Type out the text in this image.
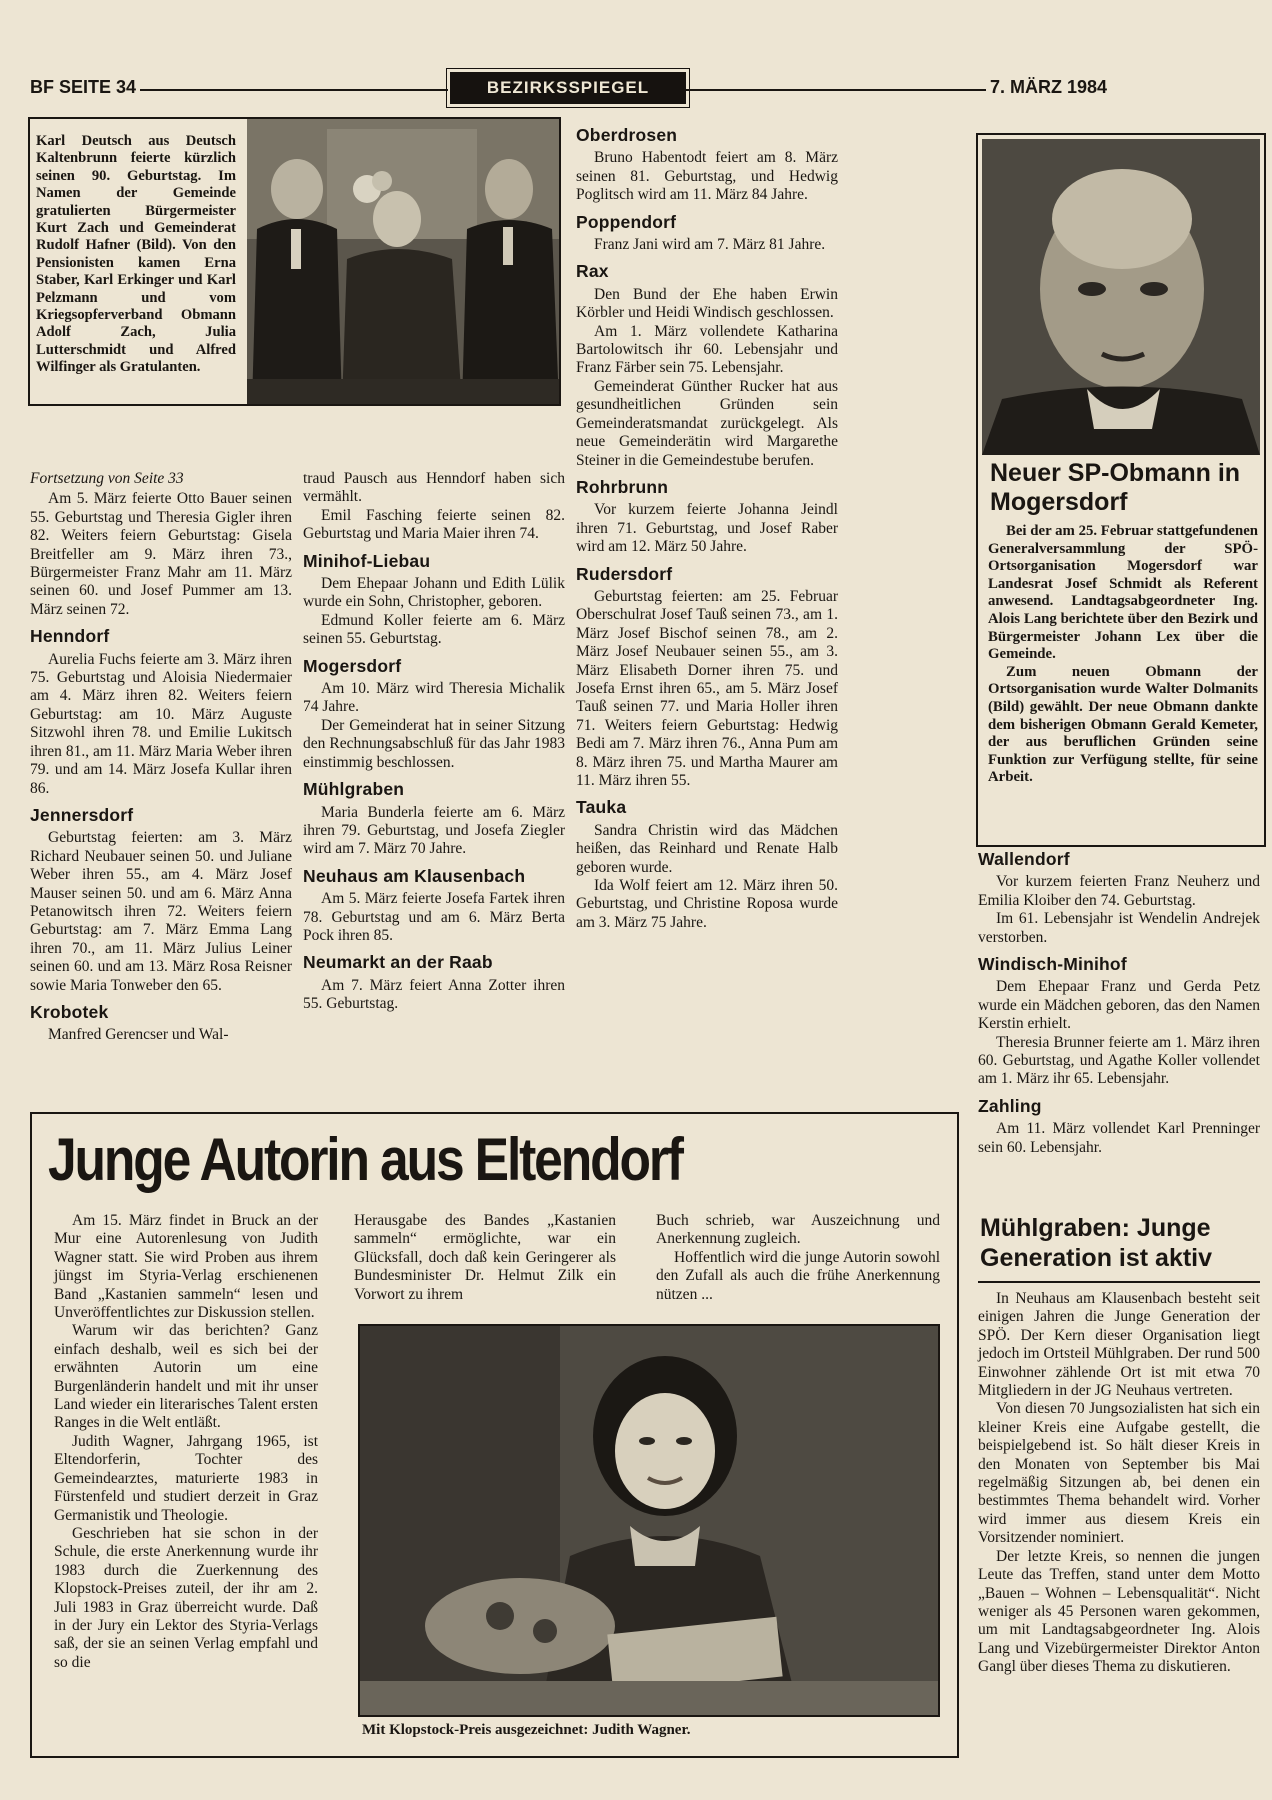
BF SEITE 34	BEZIRKSSPIEGEL	7. MÄRZ 1984
Karl Deutsch aus Deutsch Kaltenbrunn feierte kürzlich seinen 90. Geburtstag. Im Namen der Gemeinde gratulierten Bürgermeister Kurt Zach und Gemeinderat Rudolf Hafner (Bild). Von den Pensionisten kamen Erna Staber, Karl Erkinger und Karl Pelzmann und vom Kriegsopferverband Obmann Adolf Zach, Julia Lutterschmidt und Alfred Wilfinger als Gratulanten.
Fortsetzung von Seite 33

Am 5. März feierte Otto Bauer seinen 55. Geburtstag und Theresia Gigler ihren 82. Weiters feiern Geburtstag: Gisela Breitfeller am 9. März ihren 73., Bürgermeister Franz Mahr am 11. März seinen 60. und Josef Pummer am 13. März seinen 72.

Henndorf

Aurelia Fuchs feierte am 3. März ihren 75. Geburtstag und Aloisia Niedermaier am 4. März ihren 82. Weiters feiern Geburtstag: am 10. März Auguste Sitzwohl ihren 78. und Emilie Lukitsch ihren 81., am 11. März Maria Weber ihren 79. und am 14. März Josefa Kullar ihren 86.

Jennersdorf

Geburtstag feierten: am 3. März Richard Neubauer seinen 50. und Juliane Weber ihren 55., am 4. März Josef Mauser seinen 50. und am 6. März Anna Petanowitsch ihren 72. Weiters feiern Geburtstag: am 7. März Emma Lang ihren 70., am 11. März Julius Leiner seinen 60. und am 13. März Rosa Reisner sowie Maria Tonweber den 65.

Krobotek

Manfred Gerencser und Wal-

traud Pausch aus Henndorf haben sich vermählt.

Emil Fasching feierte seinen 82. Geburtstag und Maria Maier ihren 74.

Minihof-Liebau

Dem Ehepaar Johann und Edith Lülik wurde ein Sohn, Christopher, geboren.

Edmund Koller feierte am 6. März seinen 55. Geburtstag.

Mogersdorf

Am 10. März wird Theresia Michalik 74 Jahre.

Der Gemeinderat hat in seiner Sitzung den Rechnungsabschluß für das Jahr 1983 einstimmig beschlossen.

Mühlgraben

Maria Bunderla feierte am 6. März ihren 79. Geburtstag, und Josefa Ziegler wird am 7. März 70 Jahre.

Neuhaus am Klausenbach

Am 5. März feierte Josefa Fartek ihren 78. Geburtstag und am 6. März Berta Pock ihren 85.

Neumarkt an der Raab

Am 7. März feiert Anna Zotter ihren 55. Geburtstag.

Oberdrosen

Bruno Habentodt feiert am 8. März seinen 81. Geburtstag, und Hedwig Poglitsch wird am 11. März 84 Jahre.

Poppendorf

Franz Jani wird am 7. März 81 Jahre.

Rax

Den Bund der Ehe haben Erwin Körbler und Heidi Windisch geschlossen.

Am 1. März vollendete Katharina Bartolowitsch ihr 60. Lebensjahr und Franz Färber sein 75. Lebensjahr.

Gemeinderat Günther Rucker hat aus gesundheitlichen Gründen sein Gemeinderatsmandat zurückgelegt. Als neue Gemeinderätin wird Margarethe Steiner in die Gemeindestube berufen.

Rohrbrunn

Vor kurzem feierte Johanna Jeindl ihren 71. Geburtstag, und Josef Raber wird am 12. März 50 Jahre.

Rudersdorf

Geburtstag feierten: am 25. Februar Oberschulrat Josef Tauß seinen 73., am 1. März Josef Bischof seinen 78., am 2. März Josef Neubauer seinen 55., am 3. März Elisabeth Dorner ihren 75. und Josefa Ernst ihren 65., am 5. März Josef Tauß seinen 77. und Maria Holler ihren 71. Weiters feiern Geburtstag: Hedwig Bedi am 7. März ihren 76., Anna Pum am 8. März ihren 75. und Martha Maurer am 11. März ihren 55.

Tauka

Sandra Christin wird das Mädchen heißen, das Reinhard und Renate Halb geboren wurde.

Ida Wolf feiert am 12. März ihren 50. Geburtstag, und Christine Roposa wurde am 3. März 75 Jahre.

Neuer SP-Obmann in Mogersdorf

Bei der am 25. Februar stattgefundenen Generalversammlung der SPÖ-Ortsorganisation Mogersdorf war Landesrat Josef Schmidt als Referent anwesend. Landtagsabgeordneter Ing. Alois Lang berichtete über den Bezirk und Bürgermeister Johann Lex über die Gemeinde.

Zum neuen Obmann der Ortsorganisation wurde Walter Dolmanits (Bild) gewählt. Der neue Obmann dankte dem bisherigen Obmann Gerald Kemeter, der aus beruflichen Gründen seine Funktion zur Verfügung stellte, für seine Arbeit.

Wallendorf

Vor kurzem feierten Franz Neuherz und Emilia Kloiber den 74. Geburtstag.

Im 61. Lebensjahr ist Wendelin Andrejek verstorben.

Windisch-Minihof

Dem Ehepaar Franz und Gerda Petz wurde ein Mädchen geboren, das den Namen Kerstin erhielt.

Theresia Brunner feierte am 1. März ihren 60. Geburtstag, und Agathe Koller vollendet am 1. März ihr 65. Lebensjahr.

Zahling

Am 11. März vollendet Karl Prenninger sein 60. Lebensjahr.

Mühlgraben: Junge Generation ist aktiv

In Neuhaus am Klausenbach besteht seit einigen Jahren die Junge Generation der SPÖ. Der Kern dieser Organisation liegt jedoch im Ortsteil Mühlgraben. Der rund 500 Einwohner zählende Ort ist mit etwa 70 Mitgliedern in der JG Neuhaus vertreten.

Von diesen 70 Jungsozialisten hat sich ein kleiner Kreis eine Aufgabe gestellt, die beispielgebend ist. So hält dieser Kreis in den Monaten von September bis Mai regelmäßig Sitzungen ab, bei denen ein bestimmtes Thema behandelt wird. Vorher wird immer aus diesem Kreis ein Vorsitzender nominiert.

Der letzte Kreis, so nennen die jungen Leute das Treffen, stand unter dem Motto „Bauen – Wohnen – Lebensqualität“. Nicht weniger als 45 Personen waren gekommen, um mit Landtagsabgeordneter Ing. Alois Lang und Vizebürgermeister Direktor Anton Gangl über dieses Thema zu diskutieren.

Junge Autorin aus Eltendorf

Am 15. März findet in Bruck an der Mur eine Autorenlesung von Judith Wagner statt. Sie wird Proben aus ihrem jüngst im Styria-Verlag erschienenen Band „Kastanien sammeln“ lesen und Unveröffentlichtes zur Diskussion stellen.

Warum wir das berichten? Ganz einfach deshalb, weil es sich bei der erwähnten Autorin um eine Burgenländerin handelt und mit ihr unser Land wieder ein literarisches Talent ersten Ranges in die Welt entläßt.

Judith Wagner, Jahrgang 1965, ist Eltendorferin, Tochter des Gemeindearztes, maturierte 1983 in Fürstenfeld und studiert derzeit in Graz Germanistik und Theologie.

Geschrieben hat sie schon in der Schule, die erste Anerkennung wurde ihr 1983 durch die Zuerkennung des Klopstock-Preises zuteil, der ihr am 2. Juli 1983 in Graz überreicht wurde. Daß in der Jury ein Lektor des Styria-Verlags saß, der sie an seinen Verlag empfahl und so die

Herausgabe des Bandes „Kastanien sammeln“ ermöglichte, war ein Glücksfall, doch daß kein Geringerer als Bundesminister Dr. Helmut Zilk ein Vorwort zu ihrem

Buch schrieb, war Auszeichnung und Anerkennung zugleich.

Hoffentlich wird die junge Autorin sowohl den Zufall als auch die frühe Anerkennung nützen ...

Mit Klopstock-Preis ausgezeichnet: Judith Wagner.
